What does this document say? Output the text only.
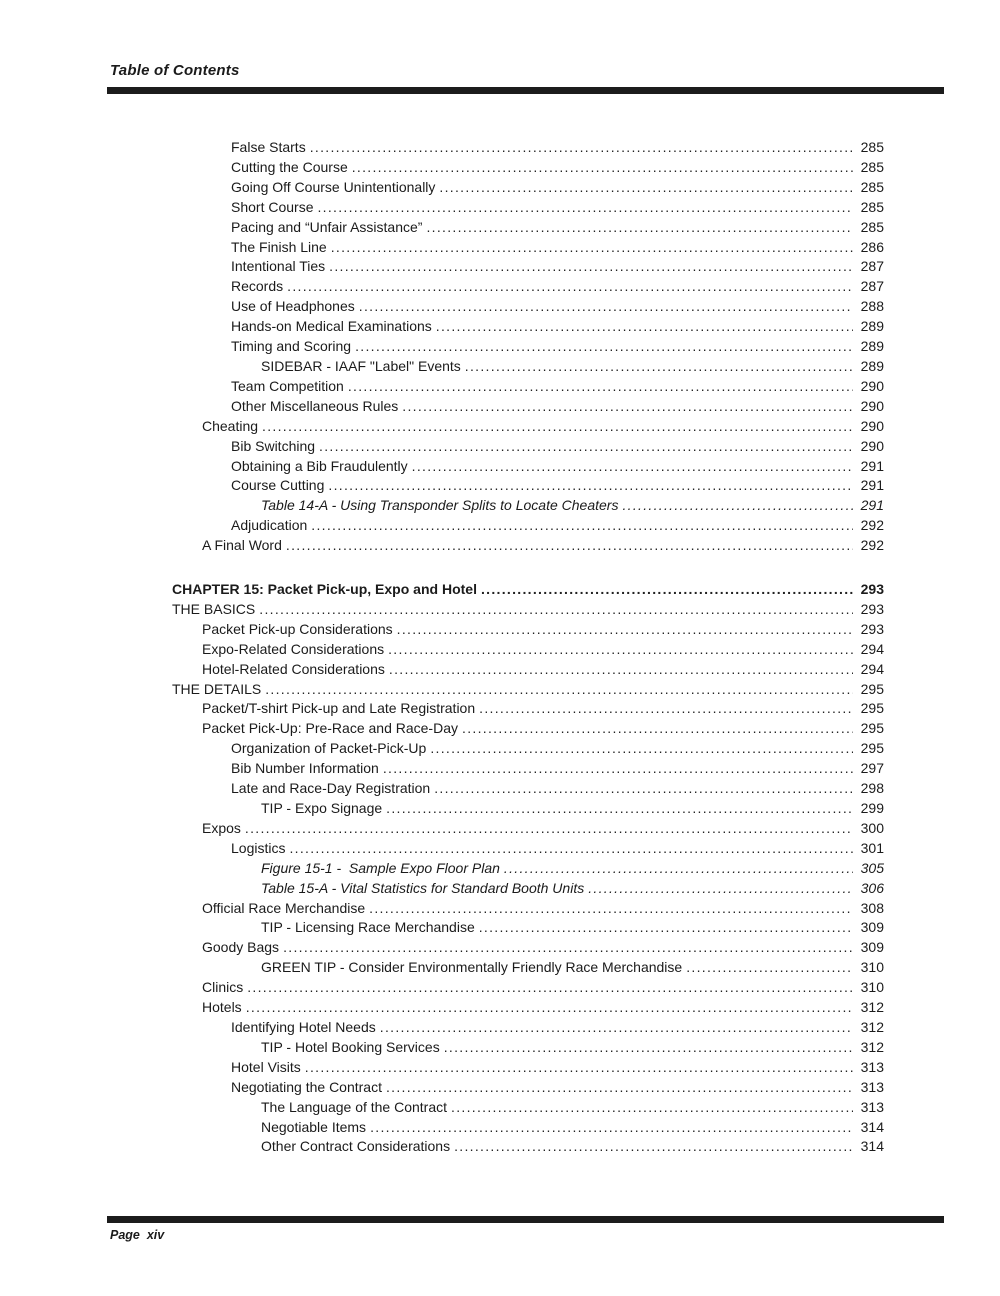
Table of Contents
False Starts .....	285
Cutting the Course .....	285
Going Off Course Unintentionally .....	285
Short Course .....	285
Pacing and “Unfair Assistance” .....	285
The Finish Line .....	286
Intentional Ties .....	287
Records .....	287
Use of Headphones .....	288
Hands-on Medical Examinations .....	289
Timing and Scoring .....	289
SIDEBAR - IAAF "Label" Events .....	289
Team Competition .....	290
Other Miscellaneous Rules .....	290
Cheating .....	290
Bib Switching .....	290
Obtaining a Bib Fraudulently .....	291
Course Cutting .....	291
Table 14-A - Using Transponder Splits to Locate Cheaters .....	291
Adjudication .....	292
A Final Word .....	292
CHAPTER 15: Packet Pick-up, Expo and Hotel .....	293
THE BASICS .....	293
Packet Pick-up Considerations .....	293
Expo-Related Considerations .....	294
Hotel-Related Considerations .....	294
THE DETAILS .....	295
Packet/T-shirt Pick-up and Late Registration .....	295
Packet Pick-Up: Pre-Race and Race-Day .....	295
Organization of Packet-Pick-Up .....	295
Bib Number Information .....	297
Late and Race-Day Registration .....	298
TIP - Expo Signage .....	299
Expos .....	300
Logistics .....	301
Figure 15-1 -  Sample Expo Floor Plan .....	305
Table 15-A - Vital Statistics for Standard Booth Units .....	306
Official Race Merchandise .....	308
TIP - Licensing Race Merchandise .....	309
Goody Bags .....	309
GREEN TIP - Consider Environmentally Friendly Race Merchandise .....	310
Clinics .....	310
Hotels .....	312
Identifying Hotel Needs .....	312
TIP - Hotel Booking Services .....	312
Hotel Visits .....	313
Negotiating the Contract .....	313
The Language of the Contract .....	313
Negotiable Items .....	314
Other Contract Considerations .....	314
Page  xiv
